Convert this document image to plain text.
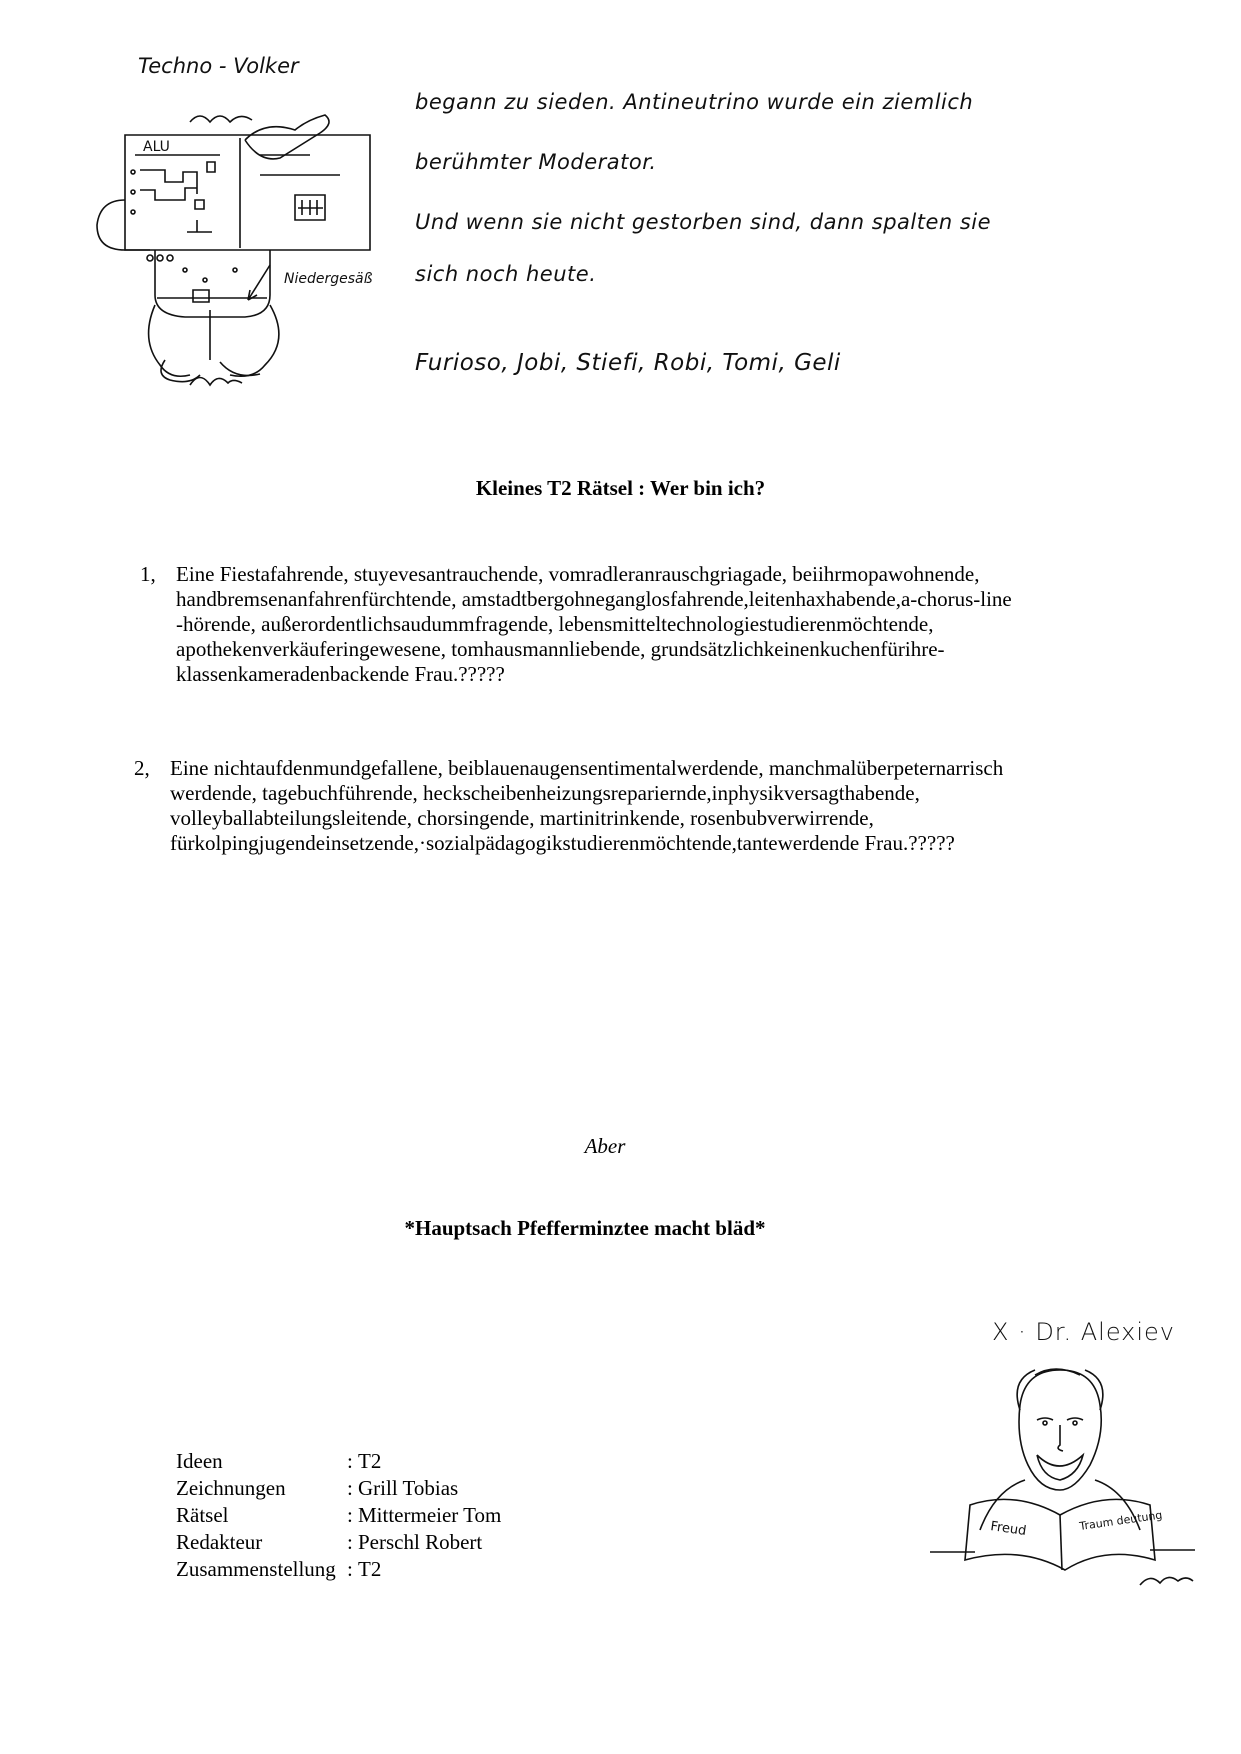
Techno - Volker
ALU
Niedergesäß
begann zu sieden. Antineutrino wurde ein ziemlich
berühmter Moderator.
Und wenn sie nicht gestorben sind, dann spalten sie
sich noch heute.
Furioso, Jobi, Stiefi, Robi, Tomi, Geli
Kleines T2 Rätsel : Wer bin ich?
1, Eine Fiestafahrende, stuyevesantrauchende, vomradleranrauschgriagade, beiihrmopawohnende,
handbremsenanfahrenfürchtende, amstadtbergohneganglosfahrende,leitenhaxhabende,a-chorus-line
-hörende, außerordentlichsaudummfragende, lebensmitteltechnologiestudierenmöchtende,
apothekenverkäuferingewesene, tomhausmannliebende, grundsätzlichkeinenkuchenfürihre-
klassenkameradenbackende Frau.?????
2, Eine nichtaufdenmundgefallene, beiblauenaugensentimentalwerdende, manchmalüberpeternarrisch
werdende, tagebuchführende, heckscheibenheizungsrepariernde,inphysikversagthabende,
volleyballabteilungsleitende, chorsingende, martinitrinkende, rosenbubverwirrende,
fürkolpingjugendeinsetzende,·sozialpädagogikstudierenmöchtende,tantewerdende Frau.?????
Aber
*Hauptsach Pfefferminztee macht bläd*
X · Dr. Alexiev
Freud	Traum deutung
Ideen	: T2
Zeichnungen	: Grill Tobias
Rätsel	: Mittermeier Tom
Redakteur	: Perschl Robert
Zusammenstellung : T2
